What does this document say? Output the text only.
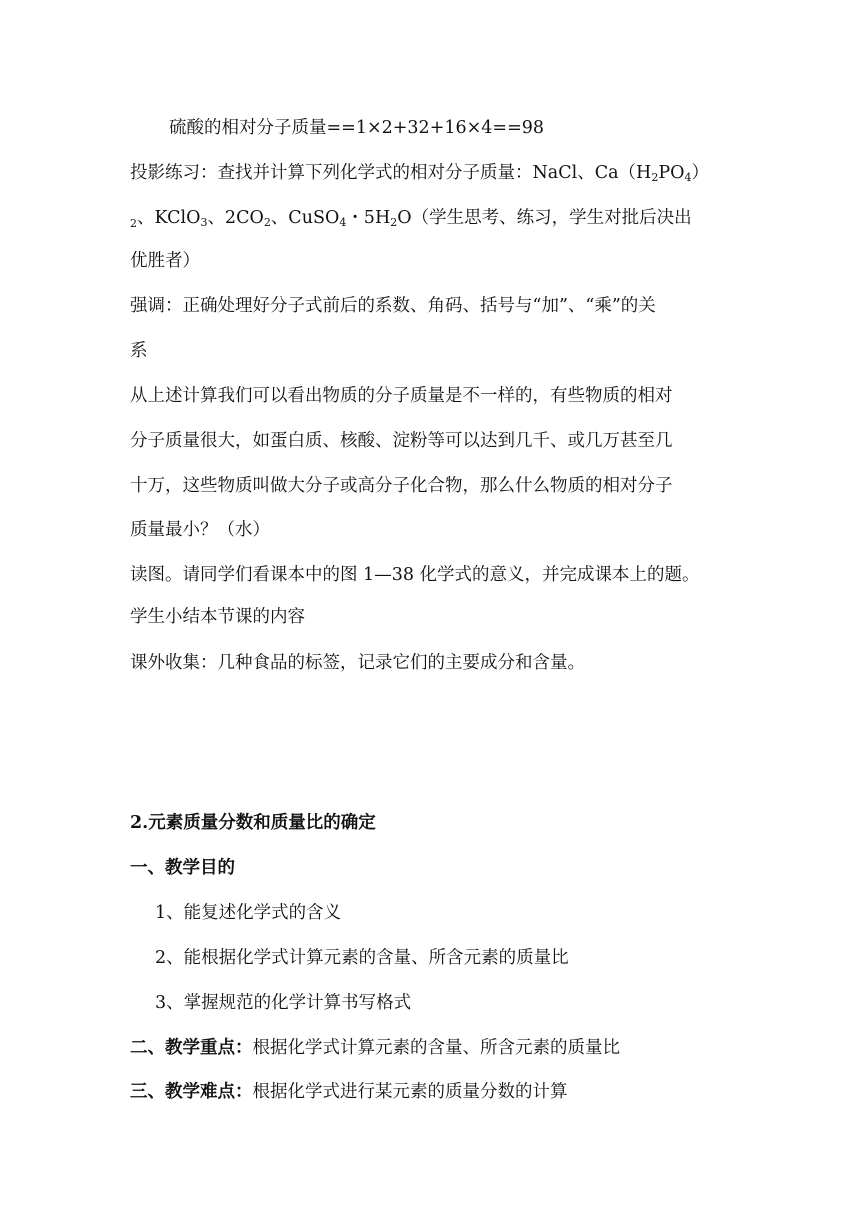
硫酸的相对分子质量==1×2+32+16×4==98
投影练习：查找并计算下列化学式的相对分子质量：NaCl、$Ca(H_2PO_4)$
$_2$、KClO$_3$、$2CO_2$、CuSO$_4$・$5H_2O$（学生思考、练习，学生对批后决出
优胜者）
强调：正确处理好分子式前后的系数、角码、括号与“加”、“乘”的关
系
从上述计算我们可以看出物质的分子质量是不一样的，有些物质的相对
分子质量很大，如蛋白质、核酸、淀粉等可以达到几千、或几万甚至几
十万，这些物质叫做大分子或高分子化合物，那么什么物质的相对分子
质量最小？（水）
读图。请同学们看课本中的图 1—38 化学式的意义，并完成课本上的题。
学生小结本节课的内容
课外收集：几种食品的标签，记录它们的主要成分和含量。
2.元素质量分数和质量比的确定
一、教学目的
1、能复述化学式的含义
2、能根据化学式计算元素的含量、所含元素的质量比
3、掌握规范的化学计算书写格式
二、教学重点：根据化学式计算元素的含量、所含元素的质量比
三、教学难点：根据化学式进行某元素的质量分数的计算
